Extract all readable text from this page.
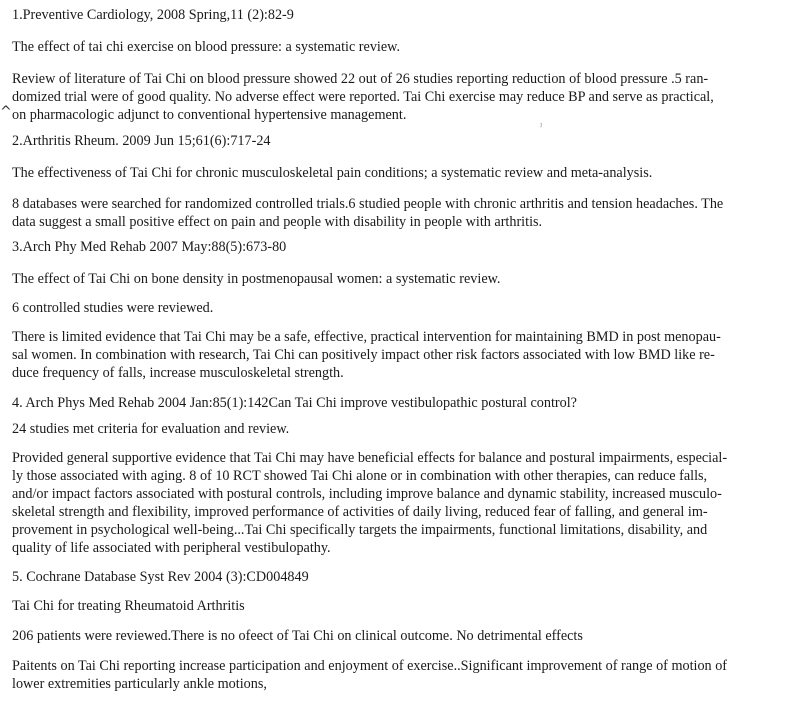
1.Preventive Cardiology, 2008 Spring,11 (2):82-9
The effect of tai chi exercise on blood pressure: a systematic review.
Review of literature of Tai Chi on blood pressure showed 22 out of 26 studies reporting reduction of blood pressure .5 ran-
domized trial were of good quality. No adverse effect were reported. Tai Chi exercise may reduce BP and serve as practical,
on pharmacologic adjunct to conventional hypertensive management.
^
2.Arthritis Rheum. 2009 Jun 15;61(6):717-24
ˀ
The effectiveness of Tai Chi for chronic musculoskeletal pain conditions; a systematic review and meta-analysis.
8 databases were searched for randomized controlled trials.6 studied people with chronic arthritis and tension headaches. The
data suggest a small positive effect on pain and people with disability in people with arthritis.
3.Arch Phy Med Rehab 2007 May:88(5):673-80
The effect of Tai Chi on bone density in postmenopausal women: a systematic review.
6 controlled studies were reviewed.
There is limited evidence that Tai Chi may be a safe, effective, practical intervention for maintaining BMD in post menopau-
sal women. In combination with research, Tai Chi can positively impact other risk factors associated with low BMD like re-
duce frequency of falls, increase musculoskeletal strength.
4. Arch Phys Med Rehab 2004 Jan:85(1):142Can Tai Chi improve vestibulopathic postural control?
24 studies met criteria for evaluation and review.
Provided general supportive evidence that Tai Chi may have beneficial effects for balance and postural impairments, especial-
ly those associated with aging. 8 of 10 RCT showed Tai Chi alone or in combination with other therapies, can reduce falls,
and/or impact factors associated with postural controls, including improve balance and dynamic stability, increased musculo-
skeletal strength and flexibility, improved performance of activities of daily living, reduced fear of falling, and general im-
provement in psychological well-being...Tai Chi specifically targets the impairments, functional limitations, disability, and
quality of life associated with peripheral vestibulopathy.
5. Cochrane Database Syst Rev 2004 (3):CD004849
Tai Chi for treating Rheumatoid Arthritis
206 patients were reviewed.There is no ofeect of Tai Chi on clinical outcome. No detrimental effects
Paitents on Tai Chi reporting increase participation and enjoyment of exercise..Significant improvement of range of motion of
lower extremities particularly ankle motions,
